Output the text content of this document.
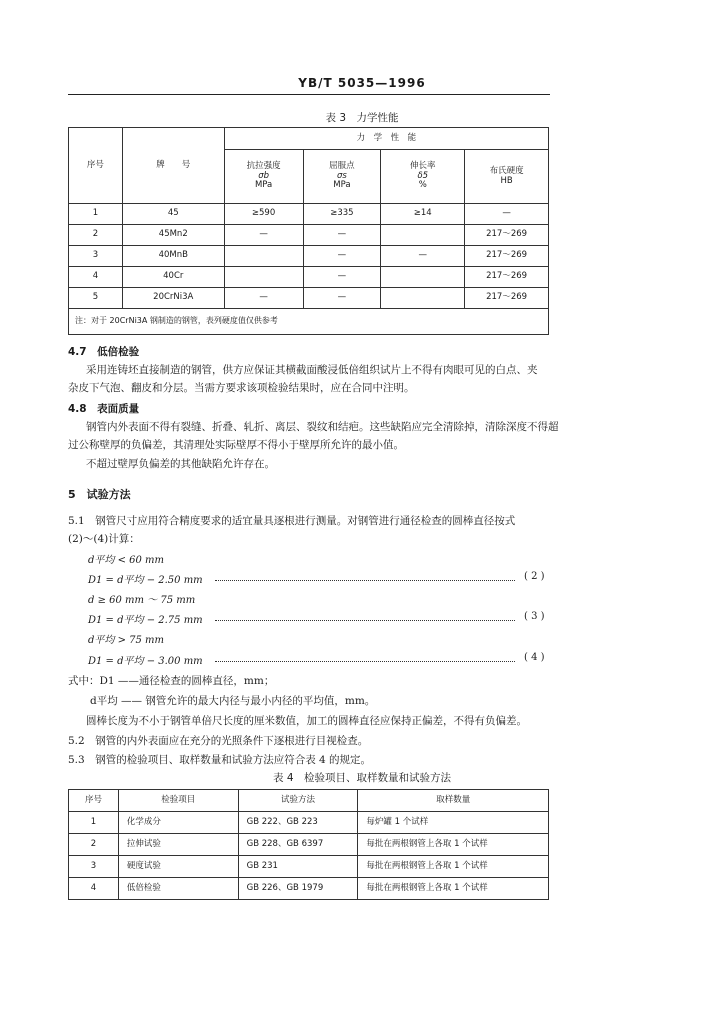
YB/T 5035—1996
表 3　力学性能
序号	牌　　号	力　学　性　能			
		抗拉强度
σb
MPa	屈服点
σs
MPa	伸长率
δ5
%	布氏硬度
HB
1	45	≥590	≥335	≥14	—
2	45Mn2	—	—		217～269
3	40MnB		—	—	217～269
4	40Cr		—		217～269
5	20CrNi3A	—	—		217～269
注：对于 20CrNi3A 钢制造的钢管，表列硬度值仅供参考					
4.7　低倍检验
采用连铸坯直接制造的钢管，供方应保证其横截面酸浸低倍组织试片上不得有肉眼可见的白点、夹
杂皮下气泡、翻皮和分层。当需方要求该项检验结果时，应在合同中注明。
4.8　表面质量
钢管内外表面不得有裂缝、折叠、轧折、离层、裂纹和结疤。这些缺陷应完全清除掉，清除深度不得超
过公称壁厚的负偏差，其清理处实际壁厚不得小于壁厚所允许的最小值。
不超过壁厚负偏差的其他缺陷允许存在。
5　试验方法
5.1　钢管尺寸应用符合精度要求的适宜量具逐根进行测量。对钢管进行通径检查的圆棒直径按式
(2)～(4)计算：
d平均 < 60 mm
D1 = d平均 − 2.50 mm	( 2 )
d ≥ 60 mm ～ 75 mm
D1 = d平均 − 2.75 mm	( 3 )
d平均 > 75 mm
D1 = d平均 − 3.00 mm	( 4 )
式中：D1 ——通径检查的圆棒直径，mm；
d平均 —— 钢管允许的最大内径与最小内径的平均值，mm。
圆棒长度为不小于钢管单倍尺长度的厘米数值，加工的圆棒直径应保持正偏差，不得有负偏差。
5.2　钢管的内外表面应在充分的光照条件下逐根进行目视检查。
5.3　钢管的检验项目、取样数量和试验方法应符合表 4 的规定。
表 4　检验项目、取样数量和试验方法
序号	检验项目	试验方法	取样数量
1	化学成分	GB 222、GB 223	每炉罐 1 个试样
2	拉伸试验	GB 228、GB 6397	每批在两根钢管上各取 1 个试样
3	硬度试验	GB 231	每批在两根钢管上各取 1 个试样
4	低倍检验	GB 226、GB 1979	每批在两根钢管上各取 1 个试样
